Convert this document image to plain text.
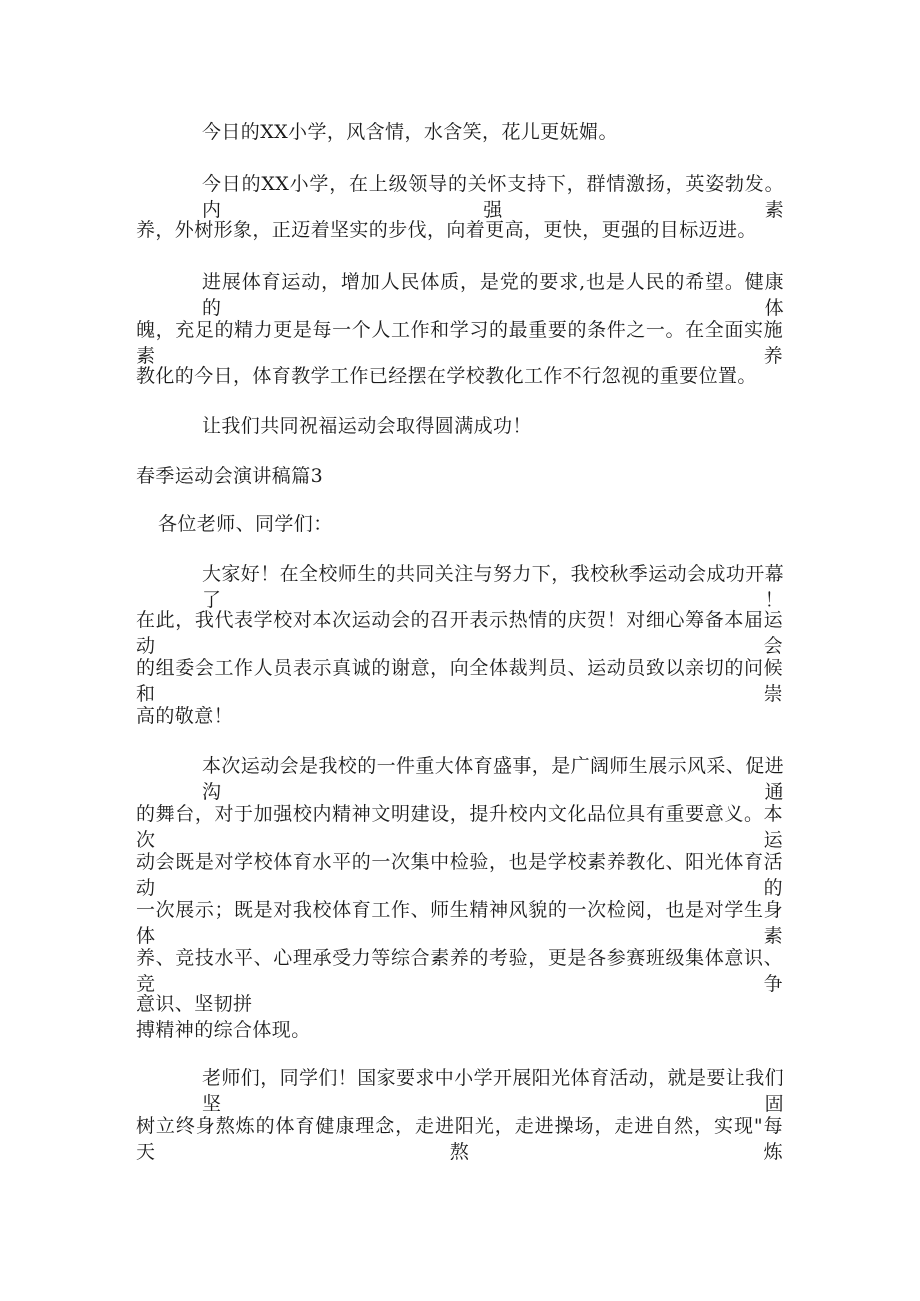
今日的XX小学，风含情，水含笑，花儿更妩媚。
今日的XX小学，在上级领导的关怀支持下，群情激扬，英姿勃发。内强素
养，外树形象，正迈着坚实的步伐，向着更高，更快，更强的目标迈进。
进展体育运动，增加人民体质，是党的要求,也是人民的希望。健康的体
魄，充足的精力更是每一个人工作和学习的最重要的条件之一。在全面实施素养
教化的今日，体育教学工作已经摆在学校教化工作不行忽视的重要位置。
让我们共同祝福运动会取得圆满成功！
春季运动会演讲稿篇3
各位老师、同学们：
大家好！在全校师生的共同关注与努力下，我校秋季运动会成功开幕了！
在此，我代表学校对本次运动会的召开表示热情的庆贺！对细心筹备本届运动会
的组委会工作人员表示真诚的谢意，向全体裁判员、运动员致以亲切的问候和崇
高的敬意！
本次运动会是我校的一件重大体育盛事，是广阔师生展示风采、促进沟通
的舞台，对于加强校内精神文明建设，提升校内文化品位具有重要意义。本次运
动会既是对学校体育水平的一次集中检验，也是学校素养教化、阳光体育活动的
一次展示；既是对我校体育工作、师生精神风貌的一次检阅，也是对学生身体素
养、竞技水平、心理承受力等综合素养的考验，更是各参赛班级集体意识、竞争
意识、坚韧拼
搏精神的综合体现。
老师们，同学们！国家要求中小学开展阳光体育活动，就是要让我们坚固
树立终身熬炼的体育健康理念，走进阳光，走进操场，走进自然，实现"每天熬炼
